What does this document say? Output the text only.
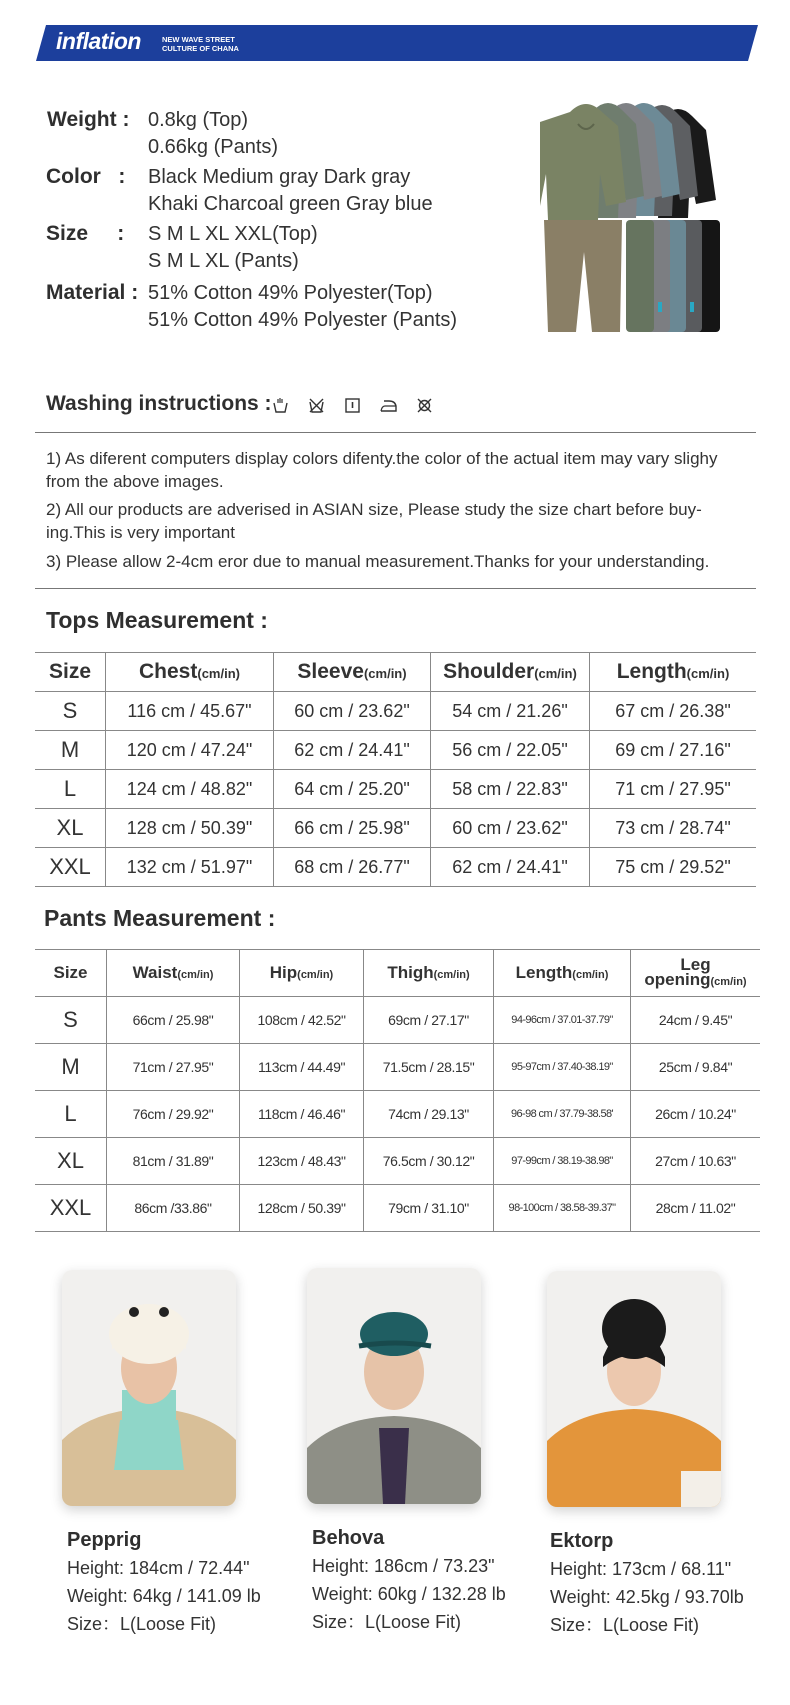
inflation	NEW WAVE STREET
CULTURE OF CHANA
Weight : 0.8kg (Top)
0.66kg (Pants)
Color   : Black Medium gray Dark gray
Khaki Charcoal green Gray blue
Size     : S M L XL XXL(Top)
S M L XL (Pants)
Material : 51% Cotton 49% Polyester(Top)
51% Cotton 49% Polyester (Pants)
Washing instructions :
1) As diferent computers display colors difenty.the color of the actual item may vary slighy from the above images.
2) All our products are adverised in ASIAN size, Please study the size chart before buy-ing.This is very important
3) Please allow 2-4cm eror due to manual measurement.Thanks for your understanding.
Tops Measurement :
Size	Chest(cm/in)	Sleeve(cm/in)	Shoulder(cm/in)	Length(cm/in)
S	116 cm / 45.67"	60 cm / 23.62"	54 cm / 21.26"	67 cm / 26.38"
M	120 cm / 47.24"	62 cm / 24.41"	56 cm / 22.05"	69 cm / 27.16"
L	124 cm / 48.82"	64 cm / 25.20"	58 cm / 22.83"	71 cm / 27.95"
XL	128 cm / 50.39"	66 cm / 25.98"	60 cm / 23.62"	73 cm / 28.74"
XXL	132 cm / 51.97"	68 cm / 26.77"	62 cm / 24.41"	75 cm / 29.52"
Pants Measurement :
Size	Waist(cm/in)	Hip(cm/in)	Thigh(cm/in)	Length(cm/in)	Leg
opening(cm/in)

S	66cm / 25.98"	108cm / 42.52"	69cm / 27.17"	94-96cm / 37.01-37.79"	24cm / 9.45"
M	71cm / 27.95"	113cm / 44.49"	71.5cm / 28.15"	95-97cm / 37.40-38.19"	25cm / 9.84"
L	76cm / 29.92"	118cm / 46.46"	74cm / 29.13"	96-98 cm / 37.79-38.58'	26cm / 10.24"
XL	81cm / 31.89"	123cm / 48.43"	76.5cm / 30.12"	97-99cm / 38.19-38.98"	27cm / 10.63"
XXL	86cm /33.86"	128cm / 50.39"	79cm / 31.10"	98-100cm / 38.58-39.37"	28cm / 11.02"
Pepprig
Height: 184cm / 72.44"
Weight: 64kg / 141.09 lb
Size：L(Loose Fit)
Behova
Height: 186cm / 73.23"
Weight: 60kg / 132.28 lb
Size：L(Loose Fit)
Ektorp
Height: 173cm / 68.11"
Weight: 42.5kg / 93.70lb
Size：L(Loose Fit)
